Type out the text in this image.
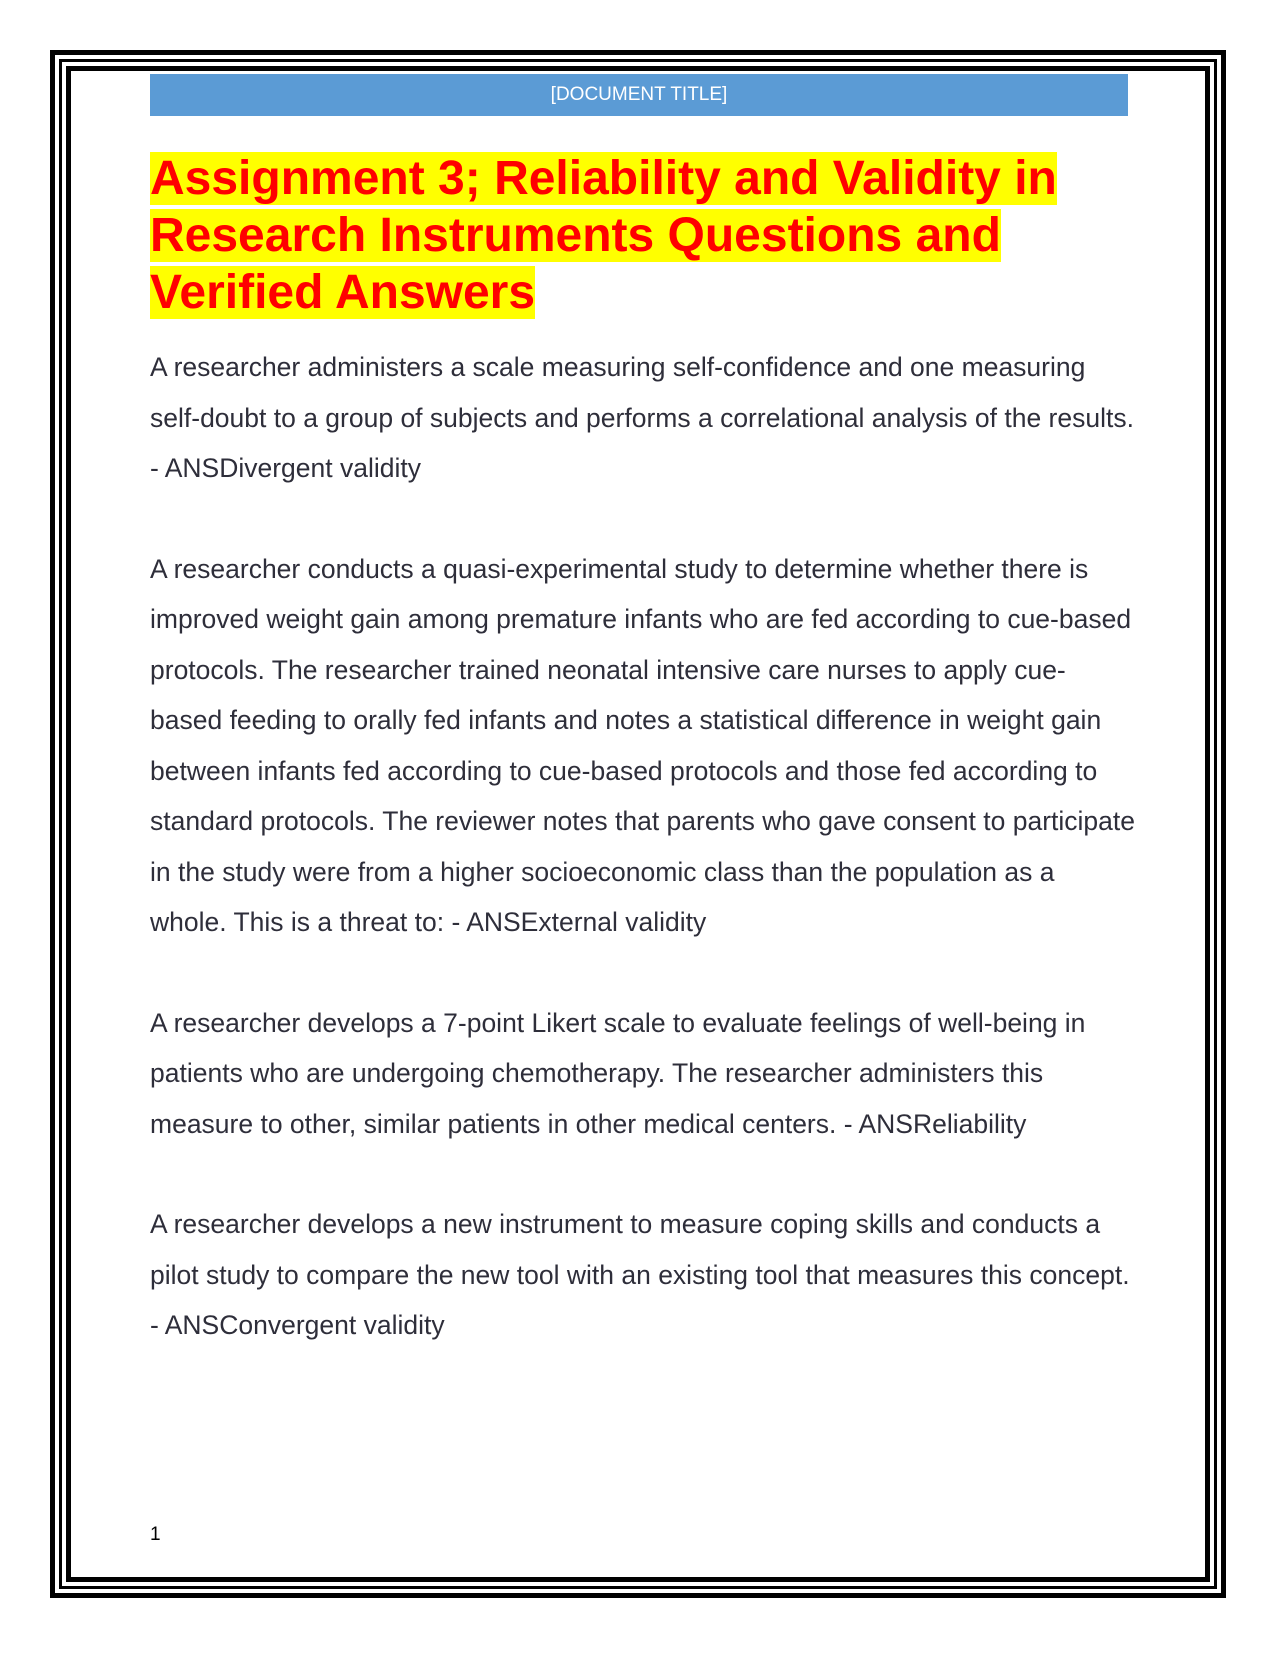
[DOCUMENT TITLE]
Assignment 3; Reliability and Validity in Research Instruments Questions and Verified Answers

A researcher administers a scale measuring self-confidence and one measuring self-doubt to a group of subjects and performs a correlational analysis of the results. - ANSDivergent validity

A researcher conducts a quasi-experimental study to determine whether there is improved weight gain among premature infants who are fed according to cue-based protocols. The researcher trained neonatal intensive care nurses to apply cue-based feeding to orally fed infants and notes a statistical difference in weight gain between infants fed according to cue-based protocols and those fed according to standard protocols. The reviewer notes that parents who gave consent to participate in the study were from a higher socioeconomic class than the population as a whole. This is a threat to: - ANSExternal validity

A researcher develops a 7-point Likert scale to evaluate feelings of well-being in patients who are undergoing chemotherapy. The researcher administers this measure to other, similar patients in other medical centers. - ANSReliability

A researcher develops a new instrument to measure coping skills and conducts a pilot study to compare the new tool with an existing tool that measures this concept. - ANSConvergent validity

1
